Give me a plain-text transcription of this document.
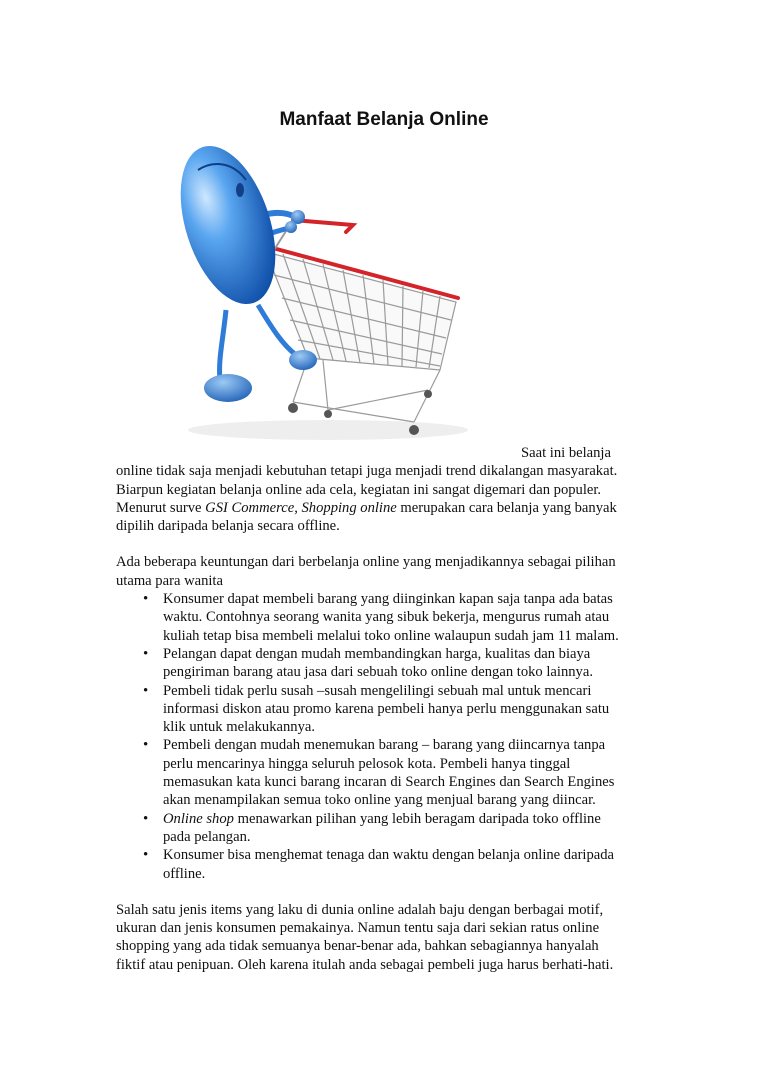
Manfaat Belanja Online

Saat ini belanja

online tidak saja menjadi kebutuhan tetapi juga menjadi trend dikalangan masyarakat.

Biarpun kegiatan belanja online ada cela, kegiatan ini sangat digemari dan populer.

Menurut surve GSI Commerce, Shopping online merupakan cara belanja yang banyak

dipilih daripada belanja secara offline.

Ada beberapa keuntungan dari berbelanja online yang menjadikannya sebagai pilihan

utama para wanita

• Konsumer dapat membeli barang yang diinginkan kapan saja tanpa ada batas

waktu. Contohnya seorang wanita yang sibuk bekerja, mengurus rumah atau

kuliah tetap bisa membeli melalui toko online walaupun sudah jam 11 malam.

• Pelangan dapat dengan mudah membandingkan harga, kualitas dan biaya

pengiriman barang atau jasa dari sebuah toko online dengan toko lainnya.

• Pembeli tidak perlu susah –susah mengelilingi sebuah mal untuk mencari

informasi diskon atau promo karena pembeli hanya perlu menggunakan satu

klik untuk melakukannya.

• Pembeli dengan mudah menemukan barang – barang yang diincarnya tanpa

perlu mencarinya hingga seluruh pelosok kota. Pembeli hanya tinggal

memasukan kata kunci barang incaran di Search Engines dan Search Engines

akan menampilakan semua toko online yang menjual barang yang diincar.

• Online shop menawarkan pilihan yang lebih beragam daripada toko offline

pada pelangan.

• Konsumer bisa menghemat tenaga dan waktu dengan belanja online daripada

offline.

Salah satu jenis items yang laku di dunia online adalah baju dengan berbagai motif,

ukuran dan jenis konsumen pemakainya. Namun tentu saja dari sekian ratus online

shopping yang ada tidak semuanya benar-benar ada, bahkan sebagiannya hanyalah

fiktif atau penipuan. Oleh karena itulah anda sebagai pembeli juga harus berhati-hati.
